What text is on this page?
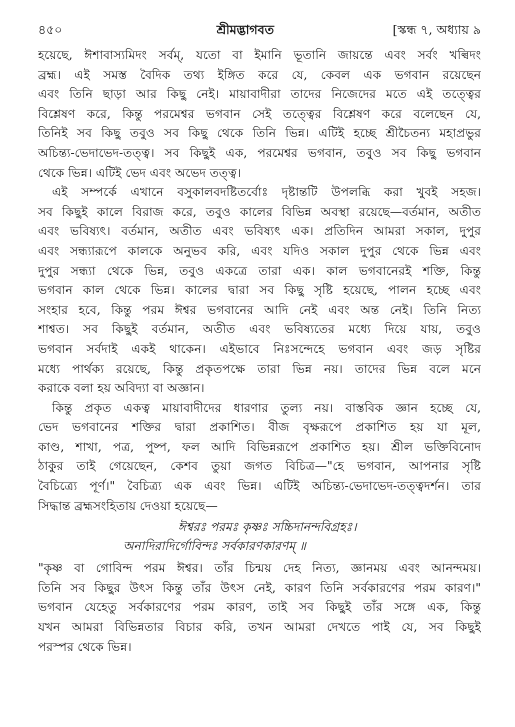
৪৫০	শ্রীমদ্ভাগবত	[স্কন্ধ ৭, অধ্যায় ৯
হয়েছে, ঈশাবাস্যমিদং সর্বম্‌, যতো বা ইমানি ভূতানি জায়ন্তে এবং সর্বং খল্বিদং
ব্রহ্ম। এই সমস্ত বৈদিক তথ্য ইঙ্গিত করে যে, কেবল এক ভগবান রয়েছেন
এবং তিনি ছাড়া আর কিছু নেই। মায়াবাদীরা তাদের নিজেদের মতে এই তত্ত্বের
বিশ্লেষণ করে, কিন্তু পরমেশ্বর ভগবান সেই তত্ত্বের বিশ্লেষণ করে বলেছেন যে,
তিনিই সব কিছু তবুও সব কিছু থেকে তিনি ভিন্ন। এটিই হচ্ছে শ্রীচৈতন্য মহাপ্রভুর
অচিন্ত্য-ভেদাভেদ-তত্ত্ব। সব কিছুই এক, পরমেশ্বর ভগবান, তবুও সব কিছু ভগবান
থেকে ভিন্ন। এটিই ভেদ এবং অভেদ তত্ত্ব।
এই সম্পর্কে এখানে বসুকালবদষ্টিতর্বোঃ দৃষ্টান্তটি উপলব্ধি করা খুবই সহজ।
সব কিছুই কালে বিরাজ করে, তবুও কালের বিভিন্ন অবস্থা রয়েছে—বর্তমান, অতীত
এবং ভবিষ্যৎ। বর্তমান, অতীত এবং ভবিষ্যৎ এক। প্রতিদিন আমরা সকাল, দুপুর
এবং সন্ধ্যারূপে কালকে অনুভব করি, এবং যদিও সকাল দুপুর থেকে ভিন্ন এবং
দুপুর সন্ধ্যা থেকে ভিন্ন, তবুও একত্রে তারা এক। কাল ভগবানেরই শক্তি, কিন্তু
ভগবান কাল থেকে ভিন্ন। কালের দ্বারা সব কিছু সৃষ্টি হয়েছে, পালন হচ্ছে এবং
সংহার হবে, কিন্তু পরম ঈশ্বর ভগবানের আদি নেই এবং অন্ত নেই। তিনি নিত্য
শাশ্বত। সব কিছুই বর্তমান, অতীত এবং ভবিষ্যতের মধ্যে দিয়ে যায়, তবুও
ভগবান সর্বদাই একই থাকেন। এইভাবে নিঃসন্দেহে ভগবান এবং জড় সৃষ্টির
মধ্যে পার্থক্য রয়েছে, কিন্তু প্রকৃতপক্ষে তারা ভিন্ন নয়। তাদের ভিন্ন বলে মনে
করাকে বলা হয় অবিদ্যা বা অজ্ঞান।
কিন্তু প্রকৃত একত্ব মায়াবাদীদের ধারণার তুল্য নয়। বাস্তবিক জ্ঞান হচ্ছে যে,
ভেদ ভগবানের শক্তির দ্বারা প্রকাশিত। বীজ বৃক্ষরূপে প্রকাশিত হয় যা মূল,
কাণ্ড, শাখা, পত্র, পুষ্প, ফল আদি বিভিন্নরূপে প্রকাশিত হয়। শ্রীল ভক্তিবিনোদ
ঠাকুর তাই গেয়েছেন, কেশব তুয়া জগত বিচিত্র—"হে ভগবান, আপনার সৃষ্টি
বৈচিত্র্যে পূর্ণ।" বৈচিত্র্য এক এবং ভিন্ন। এটিই অচিন্ত্য-ভেদাভেদ-তত্ত্বদর্শন। তার
সিদ্ধান্ত ব্রহ্মসংহিতায় দেওয়া হয়েছে—
ঈশ্বরঃ পরমঃ কৃষ্ণঃ সচ্চিদানন্দবিগ্রহঃ।
অনাদিরাদির্গোবিন্দঃ সর্বকারণকারণম্‌ ॥
"কৃষ্ণ বা গোবিন্দ পরম ঈশ্বর। তাঁর চিন্ময় দেহ নিত্য, জ্ঞানময় এবং আনন্দময়।
তিনি সব কিছুর উৎস কিন্তু তাঁর উৎস নেই, কারণ তিনি সর্বকারণের পরম কারণ।"
ভগবান যেহেতু সর্বকারণের পরম কারণ, তাই সব কিছুই তাঁর সঙ্গে এক, কিন্তু
যখন আমরা বিভিন্নতার বিচার করি, তখন আমরা দেখতে পাই যে, সব কিছুই
পরস্পর থেকে ভিন্ন।
